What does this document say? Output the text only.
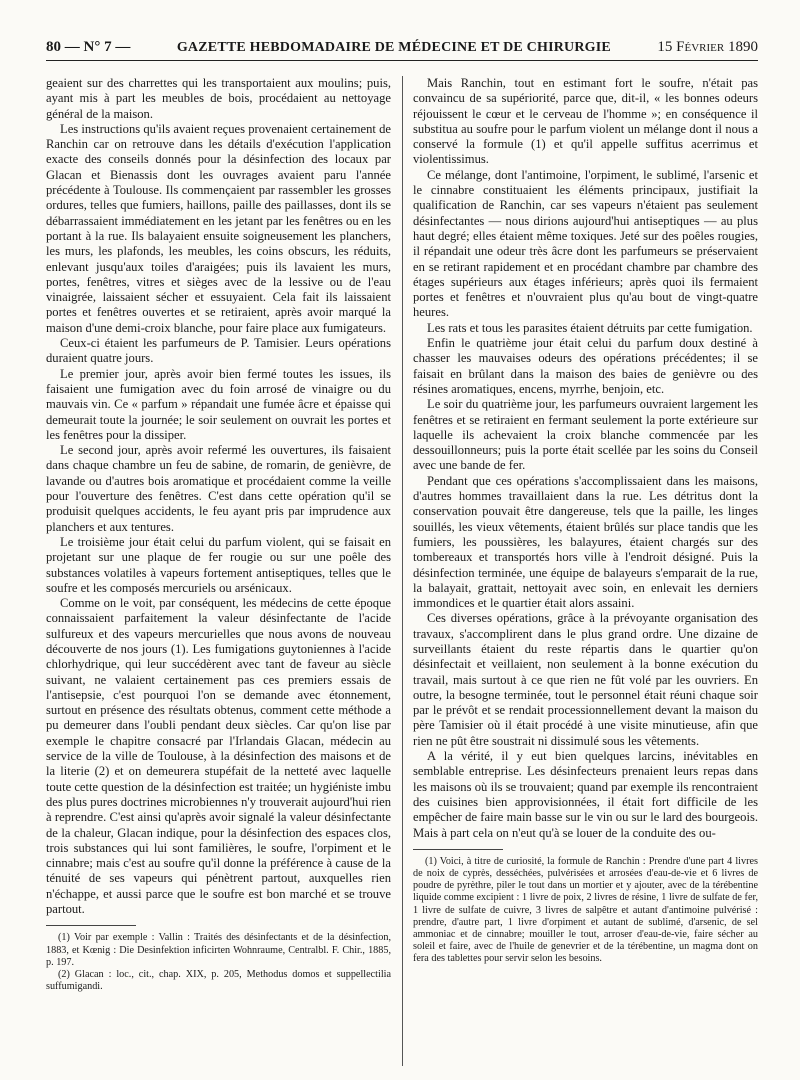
80 — N° 7 —	GAZETTE HEBDOMADAIRE DE MÉDECINE ET DE CHIRURGIE	15 Février 1890

geaient sur des charrettes qui les transportaient aux moulins; puis, ayant mis à part les meubles de bois, procédaient au nettoyage général de la maison.

Les instructions qu'ils avaient reçues provenaient certainement de Ranchin car on retrouve dans les détails d'exécution l'application exacte des conseils donnés pour la désinfection des locaux par Glacan et Bienassis dont les ouvrages avaient paru l'année précédente à Toulouse. Ils commençaient par rassembler les grosses ordures, telles que fumiers, haillons, paille des paillasses, dont ils se débarrassaient immédiatement en les jetant par les fenêtres ou en les portant à la rue. Ils balayaient ensuite soigneusement les planchers, les murs, les plafonds, les meubles, les coins obscurs, les réduits, enlevant jusqu'aux toiles d'araigées; puis ils lavaient les murs, portes, fenêtres, vitres et sièges avec de la lessive ou de l'eau vinaigrée, laissaient sécher et essuyaient. Cela fait ils laissaient portes et fenêtres ouvertes et se retiraient, après avoir marqué la maison d'une demi-croix blanche, pour faire place aux fumigateurs.

Ceux-ci étaient les parfumeurs de P. Tamisier. Leurs opérations duraient quatre jours.

Le premier jour, après avoir bien fermé toutes les issues, ils faisaient une fumigation avec du foin arrosé de vinaigre ou du mauvais vin. Ce « parfum » répandait une fumée âcre et épaisse qui demeurait toute la journée; le soir seulement on ouvrait les portes et les fenêtres pour la dissiper.

Le second jour, après avoir refermé les ouvertures, ils faisaient dans chaque chambre un feu de sabine, de romarin, de genièvre, de lavande ou d'autres bois aromatique et procédaient comme la veille pour l'ouverture des fenêtres. C'est dans cette opération qu'il se produisit quelques accidents, le feu ayant pris par imprudence aux planchers et aux tentures.

Le troisième jour était celui du parfum violent, qui se faisait en projetant sur une plaque de fer rougie ou sur une poêle des substances volatiles à vapeurs fortement antiseptiques, telles que le soufre et les composés mercuriels ou arsénicaux.

Comme on le voit, par conséquent, les médecins de cette époque connaissaient parfaitement la valeur désinfectante de l'acide sulfureux et des vapeurs mercurielles que nous avons de nouveau découverte de nos jours (1). Les fumigations guytoniennes à l'acide chlorhydrique, qui leur succédèrent avec tant de faveur au siècle suivant, ne valaient certainement pas ces premiers essais de l'antisepsie, c'est pourquoi l'on se demande avec étonnement, surtout en présence des résultats obtenus, comment cette méthode a pu demeurer dans l'oubli pendant deux siècles. Car qu'on lise par exemple le chapitre consacré par l'Irlandais Glacan, médecin au service de la ville de Toulouse, à la désinfection des maisons et de la literie (2) et on demeurera stupéfait de la netteté avec laquelle toute cette question de la désinfection est traitée; un hygiéniste imbu des plus pures doctrines microbiennes n'y trouverait aujourd'hui rien à reprendre. C'est ainsi qu'après avoir signalé la valeur désinfectante de la chaleur, Glacan indique, pour la désinfection des espaces clos, trois substances qui lui sont familières, le soufre, l'orpiment et le cinnabre; mais c'est au soufre qu'il donne la préférence à cause de la ténuité de ses vapeurs qui pénètrent partout, auxquelles rien n'échappe, et aussi parce que le soufre est bon marché et se trouve partout.

(1) Voir par exemple : Vallin : Traités des désinfectants et de la désinfection, 1883, et Kœnig : Die Desinfektion inficirten Wohnraume, Centralbl. F. Chir., 1885, p. 197.

(2) Glacan : loc., cit., chap. XIX, p. 205, Methodus domos et suppellectilia suffumigandi.

Mais Ranchin, tout en estimant fort le soufre, n'était pas convaincu de sa supériorité, parce que, dit-il, « les bonnes odeurs réjouissent le cœur et le cerveau de l'homme »; en conséquence il substitua au soufre pour le parfum violent un mélange dont il nous a conservé la formule (1) et qu'il appelle suffitus acerrimus et violentissimus.

Ce mélange, dont l'antimoine, l'orpiment, le sublimé, l'arsenic et le cinnabre constituaient les éléments principaux, justifiait la qualification de Ranchin, car ses vapeurs n'étaient pas seulement désinfectantes — nous dirions aujourd'hui antiseptiques — au plus haut degré; elles étaient même toxiques. Jeté sur des poêles rougies, il répandait une odeur très âcre dont les parfumeurs se préservaient en se retirant rapidement et en procédant chambre par chambre des étages supérieurs aux étages inférieurs; après quoi ils fermaient portes et fenêtres et n'ouvraient plus qu'au bout de vingt-quatre heures.

Les rats et tous les parasites étaient détruits par cette fumigation.

Enfin le quatrième jour était celui du parfum doux destiné à chasser les mauvaises odeurs des opérations précédentes; il se faisait en brûlant dans la maison des baies de genièvre ou des résines aromatiques, encens, myrrhe, benjoin, etc.

Le soir du quatrième jour, les parfumeurs ouvraient largement les fenêtres et se retiraient en fermant seulement la porte extérieure sur laquelle ils achevaient la croix blanche commencée par les dessouillonneurs; puis la porte était scellée par les soins du Conseil avec une bande de fer.

Pendant que ces opérations s'accomplissaient dans les maisons, d'autres hommes travaillaient dans la rue. Les détritus dont la conservation pouvait être dangereuse, tels que la paille, les linges souillés, les vieux vêtements, étaient brûlés sur place tandis que les fumiers, les poussières, les balayures, étaient chargés sur des tombereaux et transportés hors ville à l'endroit désigné. Puis la désinfection terminée, une équipe de balayeurs s'emparait de la rue, la balayait, grattait, nettoyait avec soin, en enlevait les derniers immondices et le quartier était alors assaini.

Ces diverses opérations, grâce à la prévoyante organisation des travaux, s'accomplirent dans le plus grand ordre. Une dizaine de surveillants étaient du reste répartis dans le quartier qu'on désinfectait et veillaient, non seulement à la bonne exécution du travail, mais surtout à ce que rien ne fût volé par les ouvriers. En outre, la besogne terminée, tout le personnel était réuni chaque soir par le prévôt et se rendait processionnellement devant la maison du père Tamisier où il était procédé à une visite minutieuse, afin que rien ne pût être soustrait ni dissimulé sous les vêtements.

A la vérité, il y eut bien quelques larcins, inévitables en semblable entreprise. Les désinfecteurs prenaient leurs repas dans les maisons où ils se trouvaient; quand par exemple ils rencontraient des cuisines bien approvisionnées, il était fort difficile de les empêcher de faire main basse sur le vin ou sur le lard des bourgeois. Mais à part cela on n'eut qu'à se louer de la conduite des ou-

(1) Voici, à titre de curiosité, la formule de Ranchin : Prendre d'une part 4 livres de noix de cyprès, desséchées, pulvérisées et arrosées d'eau-de-vie et 6 livres de poudre de pyrèthre, piler le tout dans un mortier et y ajouter, avec de la térébentine liquide comme excipient : 1 livre de poix, 2 livres de résine, 1 livre de sulfate de fer, 1 livre de sulfate de cuivre, 3 livres de salpêtre et autant d'antimoine pulvérisé : prendre, d'autre part, 1 livre d'orpiment et autant de sublimé, d'arsenic, de sel ammoniac et de cinnabre; mouiller le tout, arroser d'eau-de-vie, faire sécher au soleil et faire, avec de l'huile de genevrier et de la térébentine, un magma dont on fera des tablettes pour servir selon les besoins.
